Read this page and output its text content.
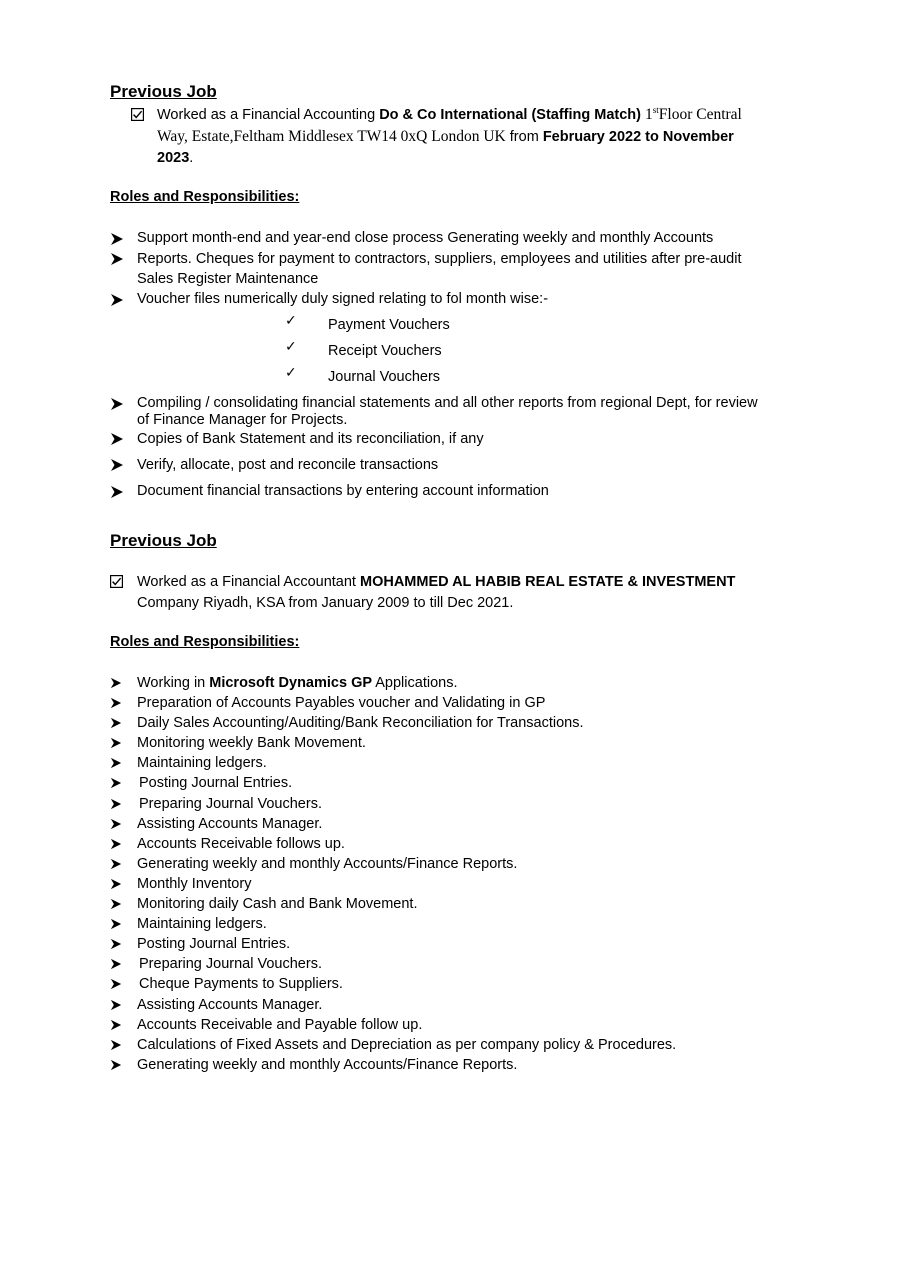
Previous Job
Worked as a Financial Accounting Do & Co International (Staffing Match) 1stFloor Central
Way, Estate,Feltham Middlesex TW14 0xQ London UK from February 2022 to November
2023.
Roles and Responsibilities:
Support month-end and year-end close process Generating weekly and monthly Accounts
Reports. Cheques for payment to contractors, suppliers, employees and utilities after pre-audit
Sales Register Maintenance
Voucher files numerically duly signed relating to fol month wise:-
✓ Payment Vouchers
✓ Receipt Vouchers
✓ Journal Vouchers
Compiling / consolidating financial statements and all other reports from regional Dept, for review
of Finance Manager for Projects.
Copies of Bank Statement and its reconciliation, if any
Verify, allocate, post and reconcile transactions
Document financial transactions by entering account information
Previous Job
Worked as a Financial Accountant MOHAMMED AL HABIB REAL ESTATE & INVESTMENT
Company Riyadh, KSA from January 2009 to till Dec 2021.
Roles and Responsibilities:
Working in Microsoft Dynamics GP Applications.
Preparation of Accounts Payables voucher and Validating in GP
Daily Sales Accounting/Auditing/Bank Reconciliation for Transactions.
Monitoring weekly Bank Movement.
Maintaining ledgers.
Posting Journal Entries.
Preparing Journal Vouchers.
Assisting Accounts Manager.
Accounts Receivable follows up.
Generating weekly and monthly Accounts/Finance Reports.
Monthly Inventory
Monitoring daily Cash and Bank Movement.
Maintaining ledgers.
Posting Journal Entries.
Preparing Journal Vouchers.
Cheque Payments to Suppliers.
Assisting Accounts Manager.
Accounts Receivable and Payable follow up.
Calculations of Fixed Assets and Depreciation as per company policy & Procedures.
Generating weekly and monthly Accounts/Finance Reports.
